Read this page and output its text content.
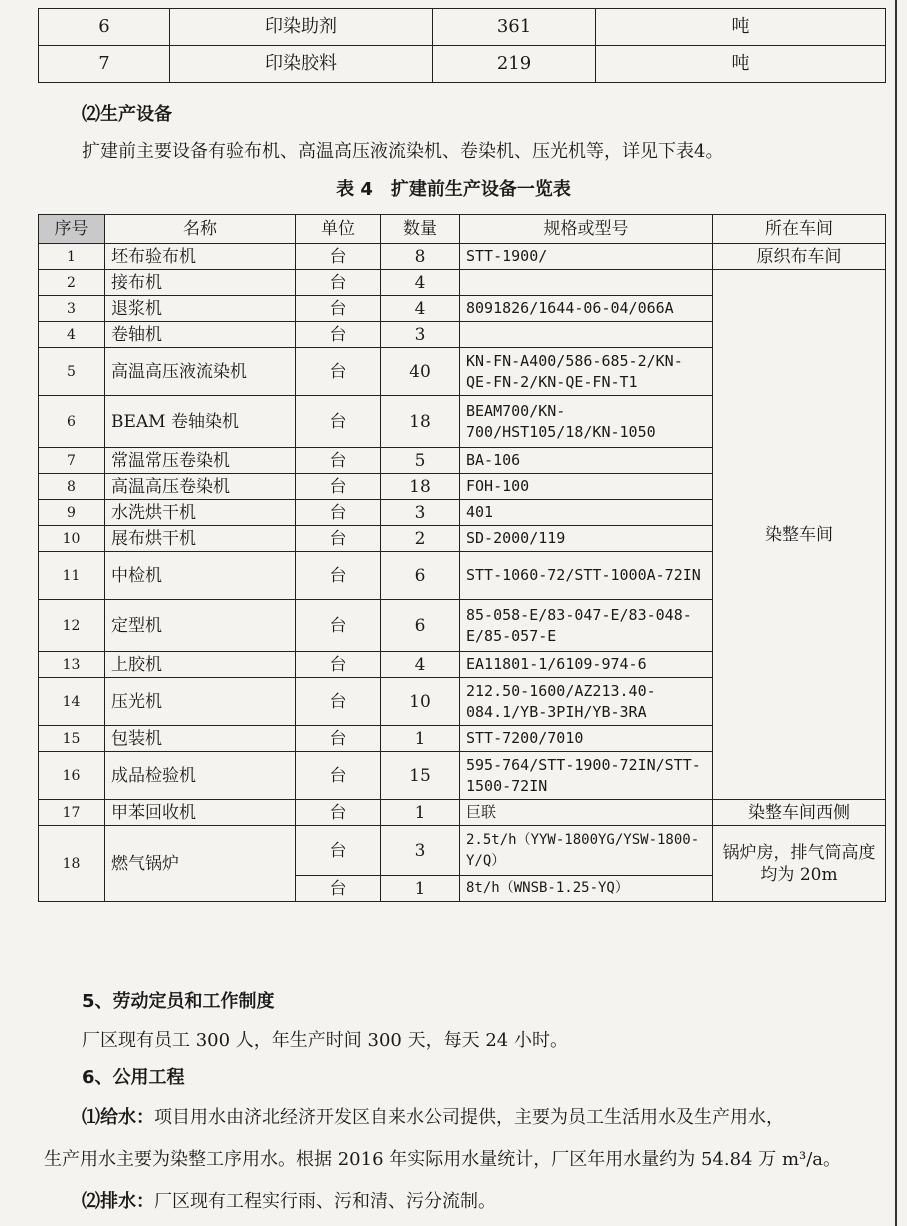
6	印染助剂	361	吨
7	印染胶料	219	吨
⑵生产设备
扩建前主要设备有验布机、高温高压液流染机、卷染机、压光机等，详见下表4。
表 4　扩建前生产设备一览表
序号	名称	单位	数量	规格或型号	所在车间
1	坯布验布机	台	8	STT-1900/	原织布车间
2	接布机	台	4		染整车间
3	退浆机	台	4	8091826/1644-06-04/066A	
4	卷轴机	台	3		
5	高温高压液流染机	台	40	KN-FN-A400/586-685-2/KN-QE-FN-2/KN-QE-FN-T1	
6	BEAM 卷轴染机	台	18	BEAM700/KN-700/HST105/18/KN-1050	
7	常温常压卷染机	台	5	BA-106	
8	高温高压卷染机	台	18	FOH-100	
9	水洗烘干机	台	3	401	
10	展布烘干机	台	2	SD-2000/119	
11	中检机	台	6	STT-1060-72/STT-1000A-72IN	
12	定型机	台	6	85-058-E/83-047-E/83-048-E/85-057-E	
13	上胶机	台	4	EA11801-1/6109-974-6	
14	压光机	台	10	212.50-1600/AZ213.40-084.1/YB-3PIH/YB-3RA	
15	包装机	台	1	STT-7200/7010	
16	成品检验机	台	15	595-764/STT-1900-72IN/STT-1500-72IN	
17	甲苯回收机	台	1	巨联	染整车间西侧
18	燃气锅炉	台	3	2.5t/h（YYW-1800YG/YSW-1800-Y/Q）	锅炉房，排气筒高度均为 20m
		台	1	8t/h（WNSB-1.25-YQ）	
5、劳动定员和工作制度
厂区现有员工 300 人，年生产时间 300 天，每天 24 小时。
6、公用工程
⑴给水：项目用水由济北经济开发区自来水公司提供，主要为员工生活用水及生产用水，
生产用水主要为染整工序用水。根据 2016 年实际用水量统计，厂区年用水量约为 54.84 万 m³/a。
⑵排水：厂区现有工程实行雨、污和清、污分流制。
